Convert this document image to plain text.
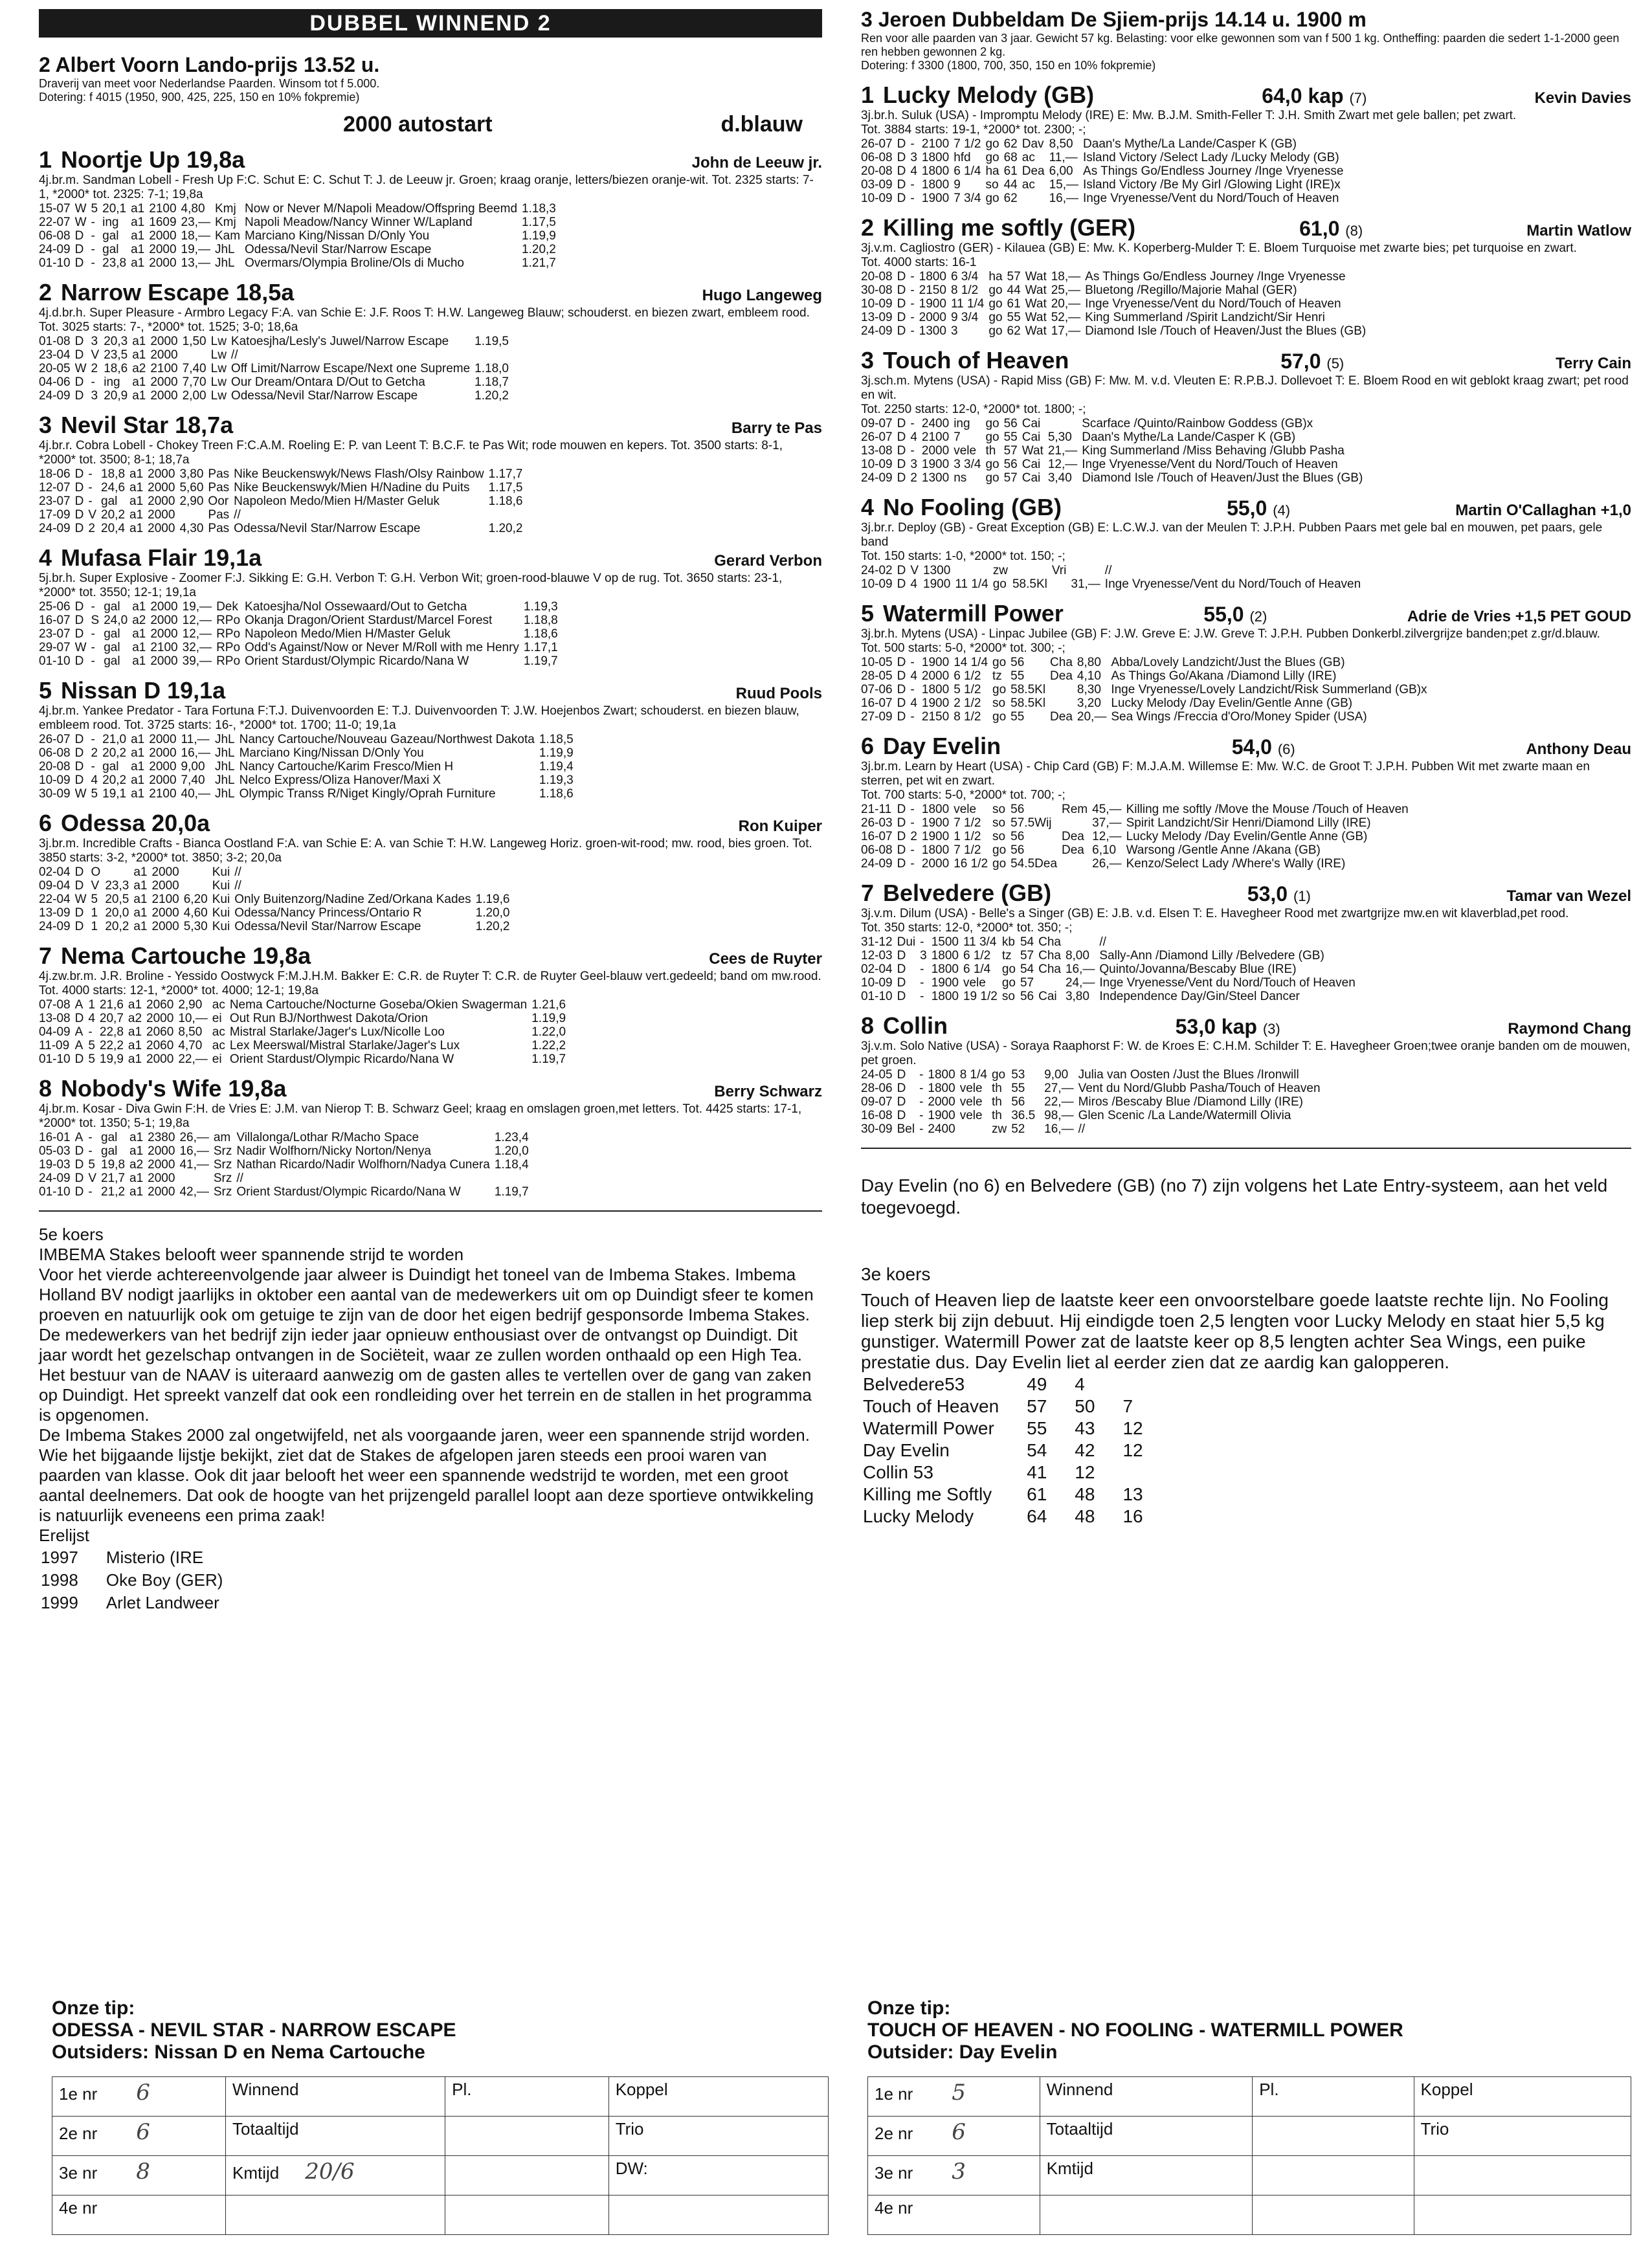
DUBBEL WINNEND 2
2 Albert Voorn Lando-prijs 13.52 u.
Draverij van meet voor Nederlandse Paarden. Winsom tot f 5.000.
Dotering: f 4015 (1950, 900, 425, 225, 150 en 10% fokpremie)
2000 autostart	d.blauw
1 Noortje Up 19,8a	John de Leeuw jr.
4j.br.m. Sandman Lobell - Fresh Up F:C. Schut E: C. Schut T: J. de Leeuw jr. Groen; kraag oranje, letters/biezen oranje-wit. Tot. 2325 starts: 7-1, *2000* tot. 2325: 7-1; 19,8a
15-07	W	5	20,1	a1	2100	4,80	Kmj	Now or Never M/Napoli Meadow/Offspring Beemd	1.18,3
22-07	W	-	ing	a1	1609	23,—	Kmj	Napoli Meadow/Nancy Winner W/Lapland	1.17,5
06-08	D	-	gal	a1	2000	18,—	Kam	Marciano King/Nissan D/Only You	1.19,9
24-09	D	-	gal	a1	2000	19,—	JhL	Odessa/Nevil Star/Narrow Escape	1.20,2
01-10	D	-	23,8	a1	2000	13,—	JhL	Overmars/Olympia Broline/Ols di Mucho	1.21,7
2 Narrow Escape 18,5a	Hugo Langeweg
4j.d.br.h. Super Pleasure - Armbro Legacy F:A. van Schie E: J.F. Roos T: H.W. Langeweg Blauw; schouderst. en biezen zwart, embleem rood. Tot. 3025 starts: 7-, *2000* tot. 1525; 3-0; 18,6a
01-08	D	3	20,3	a1	2000	1,50	Lw	Katoesjha/Lesly's Juwel/Narrow Escape	1.19,5
23-04	D	V	23,5	a1	2000		Lw	//	
20-05	W	2	18,6	a2	2100	7,40	Lw	Off Limit/Narrow Escape/Next one Supreme	1.18,0
04-06	D	-	ing	a1	2000	7,70	Lw	Our Dream/Ontara D/Out to Getcha	1.18,7
24-09	D	3	20,9	a1	2000	2,00	Lw	Odessa/Nevil Star/Narrow Escape	1.20,2
3 Nevil Star 18,7a	Barry te Pas
4j.br.r. Cobra Lobell - Chokey Treen F:C.A.M. Roeling E: P. van Leent T: B.C.F. te Pas Wit; rode mouwen en kepers. Tot. 3500 starts: 8-1, *2000* tot. 3500; 8-1; 18,7a
18-06	D	-	18,8	a1	2000	3,80	Pas	Nike Beuckenswyk/News Flash/Olsy Rainbow	1.17,7
12-07	D	-	24,6	a1	2000	5,60	Pas	Nike Beuckenswyk/Mien H/Nadine du Puits	1.17,5
23-07	D	-	gal	a1	2000	2,90	Oor	Napoleon Medo/Mien H/Master Geluk	1.18,6
17-09	D	V	20,2	a1	2000		Pas	//	
24-09	D	2	20,4	a1	2000	4,30	Pas	Odessa/Nevil Star/Narrow Escape	1.20,2
4 Mufasa Flair 19,1a	Gerard Verbon
5j.br.h. Super Explosive - Zoomer F:J. Sikking E: G.H. Verbon T: G.H. Verbon Wit; groen-rood-blauwe V op de rug. Tot. 3650 starts: 23-1, *2000* tot. 3550; 12-1; 19,1a
25-06	D	-	gal	a1	2000	19,—	Dek	Katoesjha/Nol Ossewaard/Out to Getcha	1.19,3
16-07	D	S	24,0	a2	2000	12,—	RPo	Okanja Dragon/Orient Stardust/Marcel Forest	1.18,8
23-07	D	-	gal	a1	2000	12,—	RPo	Napoleon Medo/Mien H/Master Geluk	1.18,6
29-07	W	-	gal	a1	2100	32,—	RPo	Odd's Against/Now or Never M/Roll with me Henry	1.17,1
01-10	D	-	gal	a1	2000	39,—	RPo	Orient Stardust/Olympic Ricardo/Nana W	1.19,7
5 Nissan D 19,1a	Ruud Pools
4j.br.m. Yankee Predator - Tara Fortuna F:T.J. Duivenvoorden E: T.J. Duivenvoorden T: J.W. Hoejenbos Zwart; schouderst. en biezen blauw, embleem rood. Tot. 3725 starts: 16-, *2000* tot. 1700; 11-0; 19,1a
26-07	D	-	21,0	a1	2000	11,—	JhL	Nancy Cartouche/Nouveau Gazeau/Northwest Dakota	1.18,5
06-08	D	2	20,2	a1	2000	16,—	JhL	Marciano King/Nissan D/Only You	1.19,9
20-08	D	-	gal	a1	2000	9,00	JhL	Nancy Cartouche/Karim Fresco/Mien H	1.19,4
10-09	D	4	20,2	a1	2000	7,40	JhL	Nelco Express/Oliza Hanover/Maxi X	1.19,3
30-09	W	5	19,1	a1	2100	40,—	JhL	Olympic Transs R/Niget Kingly/Oprah Furniture	1.18,6
6 Odessa 20,0a	Ron Kuiper
3j.br.m. Incredible Crafts - Bianca Oostland F:A. van Schie E: A. van Schie T: H.W. Langeweg Horiz. groen-wit-rood; mw. rood, bies groen. Tot. 3850 starts: 3-2, *2000* tot. 3850; 3-2; 20,0a
02-04	D	O		a1	2000		Kui	//	
09-04	D	V	23,3	a1	2000		Kui	//	
22-04	W	5	20,5	a1	2100	6,20	Kui	Only Buitenzorg/Nadine Zed/Orkana Kades	1.19,6
13-09	D	1	20,0	a1	2000	4,60	Kui	Odessa/Nancy Princess/Ontario R	1.20,0
24-09	D	1	20,2	a1	2000	5,30	Kui	Odessa/Nevil Star/Narrow Escape	1.20,2
7 Nema Cartouche 19,8a	Cees de Ruyter
4j.zw.br.m. J.R. Broline - Yessido Oostwyck F:M.J.H.M. Bakker E: C.R. de Ruyter T: C.R. de Ruyter Geel-blauw vert.gedeeld; band om mw.rood. Tot. 4000 starts: 12-1, *2000* tot. 4000; 12-1; 19,8a
07-08	A	1	21,6	a1	2060	2,90	ac	Nema Cartouche/Nocturne Goseba/Okien Swagerman	1.21,6
13-08	D	4	20,7	a2	2000	10,—	ei	Out Run BJ/Northwest Dakota/Orion	1.19,9
04-09	A	-	22,8	a1	2060	8,50	ac	Mistral Starlake/Jager's Lux/Nicolle Loo	1.22,0
11-09	A	5	22,2	a1	2060	4,70	ac	Lex Meerswal/Mistral Starlake/Jager's Lux	1.22,2
01-10	D	5	19,9	a1	2000	22,—	ei	Orient Stardust/Olympic Ricardo/Nana W	1.19,7
8 Nobody's Wife 19,8a	Berry Schwarz
4j.br.m. Kosar - Diva Gwin F:H. de Vries E: J.M. van Nierop T: B. Schwarz Geel; kraag en omslagen groen,met letters. Tot. 4425 starts: 17-1, *2000* tot. 1350; 5-1; 19,8a
16-01	A	-	gal	a1	2380	26,—	am	Villalonga/Lothar R/Macho Space	1.23,4
05-03	D	-	gal	a1	2000	16,—	Srz	Nadir Wolfhorn/Nicky Norton/Nenya	1.20,0
19-03	D	5	19,8	a2	2000	41,—	Srz	Nathan Ricardo/Nadir Wolfhorn/Nadya Cunera	1.18,4
24-09	D	V	21,7	a1	2000		Srz	//	
01-10	D	-	21,2	a1	2000	42,—	Srz	Orient Stardust/Olympic Ricardo/Nana W	1.19,7
5e koers
IMBEMA Stakes belooft weer spannende strijd te worden
Voor het vierde achtereenvolgende jaar alweer is Duindigt het toneel van de Imbema Stakes. Imbema Holland BV nodigt jaarlijks in oktober een aantal van de medewerkers uit om op Duindigt sfeer te komen proeven en natuurlijk ook om getuige te zijn van de door het eigen bedrijf gesponsorde Imbema Stakes.
De medewerkers van het bedrijf zijn ieder jaar opnieuw enthousiast over de ontvangst op Duindigt. Dit jaar wordt het gezelschap ontvangen in de Sociëteit, waar ze zullen worden onthaald op een High Tea. Het bestuur van de NAAV is uiteraard aanwezig om de gasten alles te vertellen over de gang van zaken op Duindigt. Het spreekt vanzelf dat ook een rondleiding over het terrein en de stallen in het programma is opgenomen.
De Imbema Stakes 2000 zal ongetwijfeld, net als voorgaande jaren, weer een spannende strijd worden. Wie het bijgaande lijstje bekijkt, ziet dat de Stakes de afgelopen jaren steeds een prooi waren van paarden van klasse. Ook dit jaar belooft het weer een spannende wedstrijd te worden, met een groot aantal deelnemers. Dat ook de hoogte van het prijzengeld parallel loopt aan deze sportieve ontwikkeling is natuurlijk eveneens een prima zaak!
Erelijst
1997	Misterio (IRE
1998	Oke Boy (GER)
1999	Arlet Landweer
3 Jeroen Dubbeldam De Sjiem-prijs 14.14 u. 1900 m
Ren voor alle paarden van 3 jaar. Gewicht 57 kg. Belasting: voor elke gewonnen som van f 500 1 kg. Ontheffing: paarden die sedert 1-1-2000 geen ren hebben gewonnen 2 kg.
Dotering: f 3300 (1800, 700, 350, 150 en 10% fokpremie)
1 Lucky Melody (GB)	64,0 kap (7)	Kevin Davies
3j.br.h. Suluk (USA) - Impromptu Melody (IRE) E: Mw. B.J.M. Smith-Feller T: J.H. Smith Zwart met gele ballen; pet zwart.
Tot. 3884 starts: 19-1, *2000* tot. 2300; -;
26-07	D	-	2100	7 1/2	go	62	Dav	8,50	Daan's Mythe/La Lande/Casper K (GB)
06-08	D	3	1800	hfd	go	68	ac	11,—	Island Victory /Select Lady /Lucky Melody (GB)
20-08	D	4	1800	6 1/4	ha	61	Dea	6,00	As Things Go/Endless Journey /Inge Vryenesse
03-09	D	-	1800	9	so	44	ac	15,—	Island Victory /Be My Girl /Glowing Light (IRE)x
10-09	D	-	1900	7 3/4	go	62		16,—	Inge Vryenesse/Vent du Nord/Touch of Heaven
2 Killing me softly (GER)	61,0 (8)	Martin Watlow
3j.v.m. Cagliostro (GER) - Kilauea (GB) E: Mw. K. Koperberg-Mulder T: E. Bloem Turquoise met zwarte bies; pet turquoise en zwart.
Tot. 4000 starts: 16-1
20-08	D	-	1800	6 3/4	ha	57	Wat	18,—	As Things Go/Endless Journey /Inge Vryenesse
30-08	D	-	2150	8 1/2	go	44	Wat	25,—	Bluetong /Regillo/Majorie Mahal (GER)
10-09	D	-	1900	11 1/4	go	61	Wat	20,—	Inge Vryenesse/Vent du Nord/Touch of Heaven
13-09	D	-	2000	9 3/4	go	55	Wat	52,—	King Summerland /Spirit Landzicht/Sir Henri
24-09	D	-	1300	3	go	62	Wat	17,—	Diamond Isle /Touch of Heaven/Just the Blues (GB)
3 Touch of Heaven	57,0 (5)	Terry Cain
3j.sch.m. Mytens (USA) - Rapid Miss (GB) F: Mw. M. v.d. Vleuten E: R.P.B.J. Dollevoet T: E. Bloem Rood en wit geblokt kraag zwart; pet rood en wit.
Tot. 2250 starts: 12-0, *2000* tot. 1800; -;
09-07	D	-	2400	ing	go	56	Cai		Scarface /Quinto/Rainbow Goddess (GB)x
26-07	D	4	2100	7	go	55	Cai	5,30	Daan's Mythe/La Lande/Casper K (GB)
13-08	D	-	2000	vele	th	57	Wat	21,—	King Summerland /Miss Behaving /Glubb Pasha
10-09	D	3	1900	3 3/4	go	56	Cai	12,—	Inge Vryenesse/Vent du Nord/Touch of Heaven
24-09	D	2	1300	ns	go	57	Cai	3,40	Diamond Isle /Touch of Heaven/Just the Blues (GB)
4 No Fooling (GB)	55,0 (4)	Martin O'Callaghan +1,0
3j.br.r. Deploy (GB) - Great Exception (GB) E: L.C.W.J. van der Meulen T: J.P.H. Pubben Paars met gele bal en mouwen, pet paars, gele band
Tot. 150 starts: 1-0, *2000* tot. 150; -;
24-02	D	V	1300		zw		Vri		//
10-09	D	4	1900	11 1/4	go	58.5Kl		31,—	Inge Vryenesse/Vent du Nord/Touch of Heaven
5 Watermill Power	55,0 (2)	Adrie de Vries +1,5 PET GOUD
3j.br.h. Mytens (USA) - Linpac Jubilee (GB) F: J.W. Greve E: J.W. Greve T: J.P.H. Pubben Donkerbl.zilvergrijze banden;pet z.gr/d.blauw.
Tot. 500 starts: 5-0, *2000* tot. 300; -;
10-05	D	-	1900	14 1/4	go	56	Cha	8,80	Abba/Lovely Landzicht/Just the Blues (GB)
28-05	D	4	2000	6 1/2	tz	55	Dea	4,10	As Things Go/Akana /Diamond Lilly (IRE)
07-06	D	-	1800	5 1/2	go	58.5Kl		8,30	Inge Vryenesse/Lovely Landzicht/Risk Summerland (GB)x
16-07	D	4	1900	2 1/2	so	58.5Kl		3,20	Lucky Melody /Day Evelin/Gentle Anne (GB)
27-09	D	-	2150	8 1/2	go	55	Dea	20,—	Sea Wings /Freccia d'Oro/Money Spider (USA)
6 Day Evelin	54,0 (6)	Anthony Deau
3j.br.m. Learn by Heart (USA) - Chip Card (GB) F: M.J.A.M. Willemse E: Mw. W.C. de Groot T: J.P.H. Pubben Wit met zwarte maan en sterren, pet wit en zwart.
Tot. 700 starts: 5-0, *2000* tot. 700; -;
21-11	D	-	1800	vele	so	56	Rem	45,—	Killing me softly /Move the Mouse /Touch of Heaven
26-03	D	-	1900	7 1/2	so	57.5Wij		37,—	Spirit Landzicht/Sir Henri/Diamond Lilly (IRE)
16-07	D	2	1900	1 1/2	so	56	Dea	12,—	Lucky Melody /Day Evelin/Gentle Anne (GB)
06-08	D	-	1800	7 1/2	go	56	Dea	6,10	Warsong /Gentle Anne /Akana (GB)
24-09	D	-	2000	16 1/2	go	54.5Dea		26,—	Kenzo/Select Lady /Where's Wally (IRE)
7 Belvedere (GB)	53,0 (1)	Tamar van Wezel
3j.v.m. Dilum (USA) - Belle's a Singer (GB) E: J.B. v.d. Elsen T: E. Havegheer Rood met zwartgrijze mw.en wit klaverblad,pet rood.
Tot. 350 starts: 12-0, *2000* tot. 350; -;
31-12	Dui	-	1500	11 3/4	kb	54	Cha		//
12-03	D	3	1800	6 1/2	tz	57	Cha	8,00	Sally-Ann /Diamond Lilly /Belvedere (GB)
02-04	D	-	1800	6 1/4	go	54	Cha	16,—	Quinto/Jovanna/Bescaby Blue (IRE)
10-09	D	-	1900	vele	go	57		24,—	Inge Vryenesse/Vent du Nord/Touch of Heaven
01-10	D	-	1800	19 1/2	so	56	Cai	3,80	Independence Day/Gin/Steel Dancer
8 Collin	53,0 kap (3)	Raymond Chang
3j.v.m. Solo Native (USA) - Soraya Raaphorst F: W. de Kroes E: C.H.M. Schilder T: E. Havegheer Groen;twee oranje banden om de mouwen, pet groen.
24-05	D	-	1800	8 1/4	go	53		9,00	Julia van Oosten /Just the Blues /Ironwill
28-06	D	-	1800	vele	th	55		27,—	Vent du Nord/Glubb Pasha/Touch of Heaven
09-07	D	-	2000	vele	th	56		22,—	Miros /Bescaby Blue /Diamond Lilly (IRE)
16-08	D	-	1900	vele	th	36.5		98,—	Glen Scenic /La Lande/Watermill Olivia
30-09	Bel	-	2400		zw	52		16,—	//
Day Evelin (no 6) en Belvedere (GB) (no 7) zijn volgens het Late Entry-systeem, aan het veld toegevoegd.
3e koers
Touch of Heaven liep de laatste keer een onvoorstelbare goede laatste rechte lijn. No Fooling liep sterk bij zijn debuut. Hij eindigde toen 2,5 lengten voor Lucky Melody en staat hier 5,5 kg gunstiger. Watermill Power zat de laatste keer op 8,5 lengten achter Sea Wings, een puike prestatie dus. Day Evelin liet al eerder zien dat ze aardig kan galopperen.
Belvedere53	49	4	
Touch of Heaven	57	50	7
Watermill Power	55	43	12
Day Evelin	54	42	12
Collin 53	41	12	
Killing me Softly	61	48	13
Lucky Melody	64	48	16
Onze tip:
ODESSA - NEVIL STAR - NARROW ESCAPE
Outsiders: Nissan D en Nema Cartouche
1e nr 6	Winnend	Pl.	Koppel
2e nr 6	Totaaltijd		Trio
3e nr 8	Kmtijd 20/6		DW:
4e nr			
Onze tip:
TOUCH OF HEAVEN - NO FOOLING - WATERMILL POWER
Outsider: Day Evelin
1e nr 5	Winnend	Pl.	Koppel
2e nr 6	Totaaltijd		Trio
3e nr 3	Kmtijd		
4e nr			
